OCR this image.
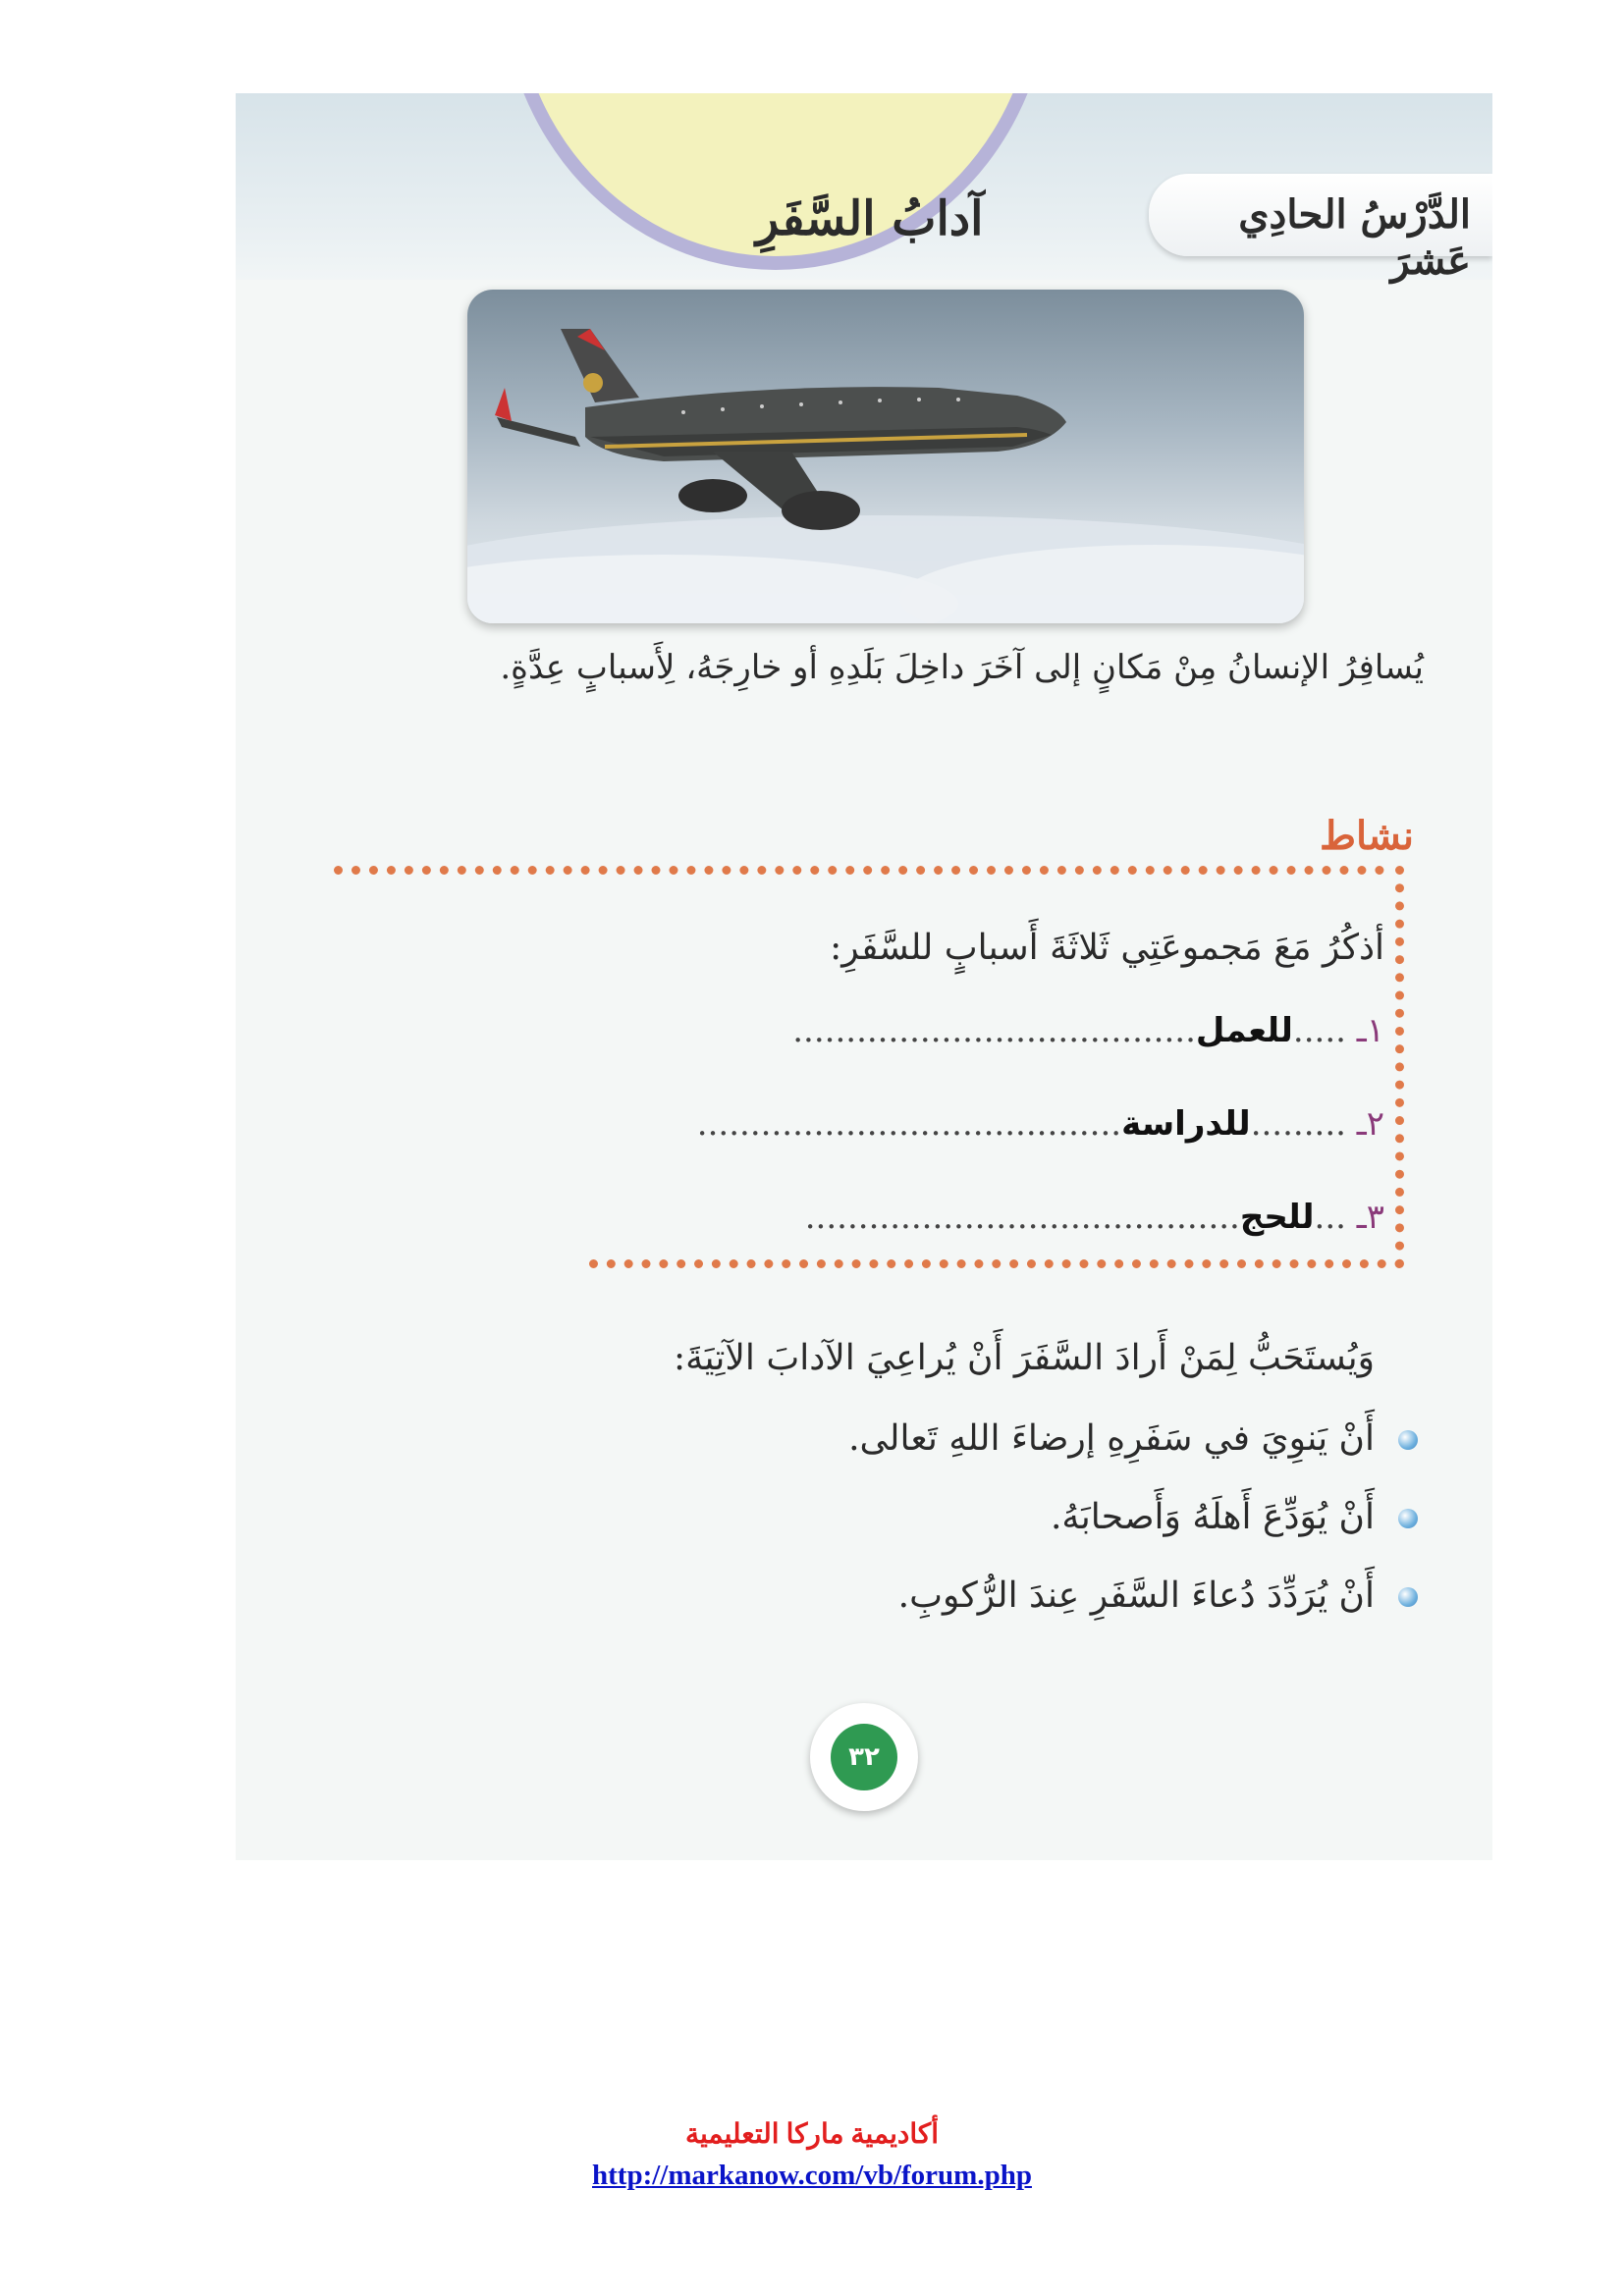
آدابُ السَّفَرِ	الدَّرْسُ الحادِي عَشرَ
يُسافِرُ الإنسانُ مِنْ مَكانٍ إلى آخَرَ داخِلَ بَلَدِهِ أو خارِجَهُ، لِأَسبابٍ عِدَّةٍ.
نشاط
أذكُرُ مَعَ مَجموعَتِي ثَلاثَةَ أَسبابٍ للسَّفَرِ:
١ـ .....للعمل......................................
٢ـ .........للدراسة........................................
٣ـ ...للحج.........................................
وَيُستَحَبُّ لِمَنْ أَرادَ السَّفَرَ أَنْ يُراعِيَ الآدابَ الآتِيَةَ:
أَنْ يَنوِيَ في سَفَرِهِ إرضاءَ اللهِ تَعالى.
أَنْ يُوَدِّعَ أَهلَهُ وَأَصحابَهُ.
أَنْ يُرَدِّدَ دُعاءَ السَّفَرِ عِندَ الرُّكوبِ.
٣٢
أكاديمية ماركا التعليمية
http://markanow.com/vb/forum.php
